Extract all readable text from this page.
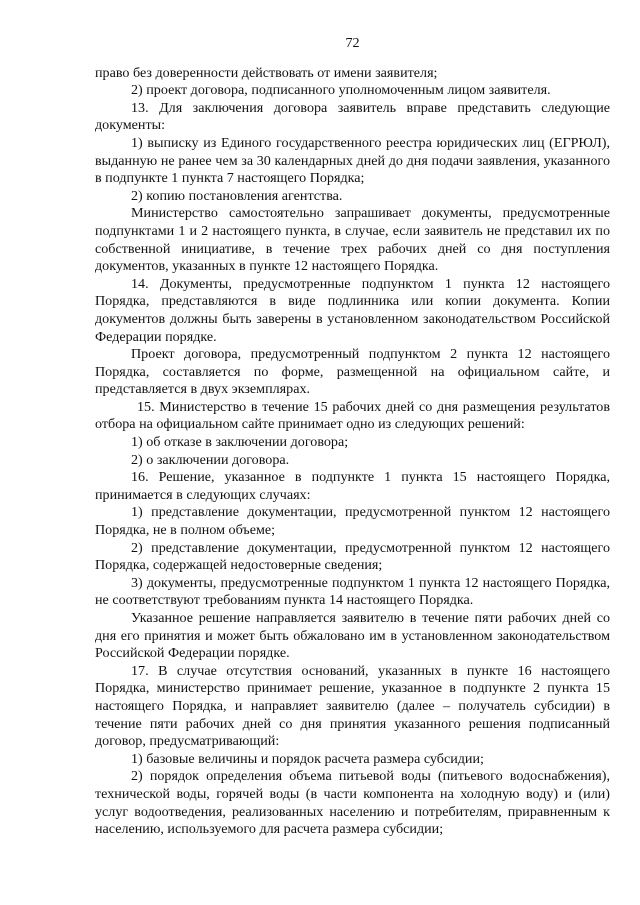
72

право без доверенности действовать от имени заявителя;

2) проект договора, подписанного уполномоченным лицом заявителя.

13. Для заключения договора заявитель вправе представить следующие документы:

1) выписку из Единого государственного реестра юридических лиц (ЕГРЮЛ), выданную не ранее чем за 30 календарных дней до дня подачи заявления, указанного в подпункте 1 пункта 7 настоящего Порядка;

2) копию постановления агентства.

Министерство самостоятельно запрашивает документы, предусмотренные подпунктами 1 и 2 настоящего пункта, в случае, если заявитель не представил их по собственной инициативе, в течение трех рабочих дней со дня поступления документов, указанных в пункте 12 настоящего Порядка.

14. Документы, предусмотренные подпунктом 1 пункта 12 настоящего Порядка, представляются в виде подлинника или копии документа. Копии документов должны быть заверены в установленном законодательством Российской Федерации порядке.

Проект договора, предусмотренный подпунктом 2 пункта 12 настоящего Порядка, составляется по форме, размещенной на официальном сайте, и представляется в двух экземплярах.

15. Министерство в течение 15 рабочих дней со дня размещения результатов отбора на официальном сайте принимает одно из следующих решений:

1) об отказе в заключении договора;

2) о заключении договора.

16. Решение, указанное в подпункте 1 пункта 15 настоящего Порядка, принимается в следующих случаях:

1) представление документации, предусмотренной пунктом 12 настоящего Порядка, не в полном объеме;

2) представление документации, предусмотренной пунктом 12 настоящего Порядка, содержащей недостоверные сведения;

3) документы, предусмотренные подпунктом 1 пункта 12 настоящего Порядка, не соответствуют требованиям пункта 14 настоящего Порядка.

Указанное решение направляется заявителю в течение пяти рабочих дней со дня его принятия и может быть обжаловано им в установленном законодательством Российской Федерации порядке.

17. В случае отсутствия оснований, указанных в пункте 16 настоящего Порядка, министерство принимает решение, указанное в подпункте 2 пункта 15 настоящего Порядка, и направляет заявителю (далее – получатель субсидии) в течение пяти рабочих дней со дня принятия указанного решения подписанный договор, предусматривающий:

1) базовые величины и порядок расчета размера субсидии;

2) порядок определения объема питьевой воды (питьевого водоснабжения), технической воды, горячей воды (в части компонента на холодную воду) и (или) услуг водоотведения, реализованных населению и потребителям, приравненным к населению, используемого для расчета размера субсидии;
